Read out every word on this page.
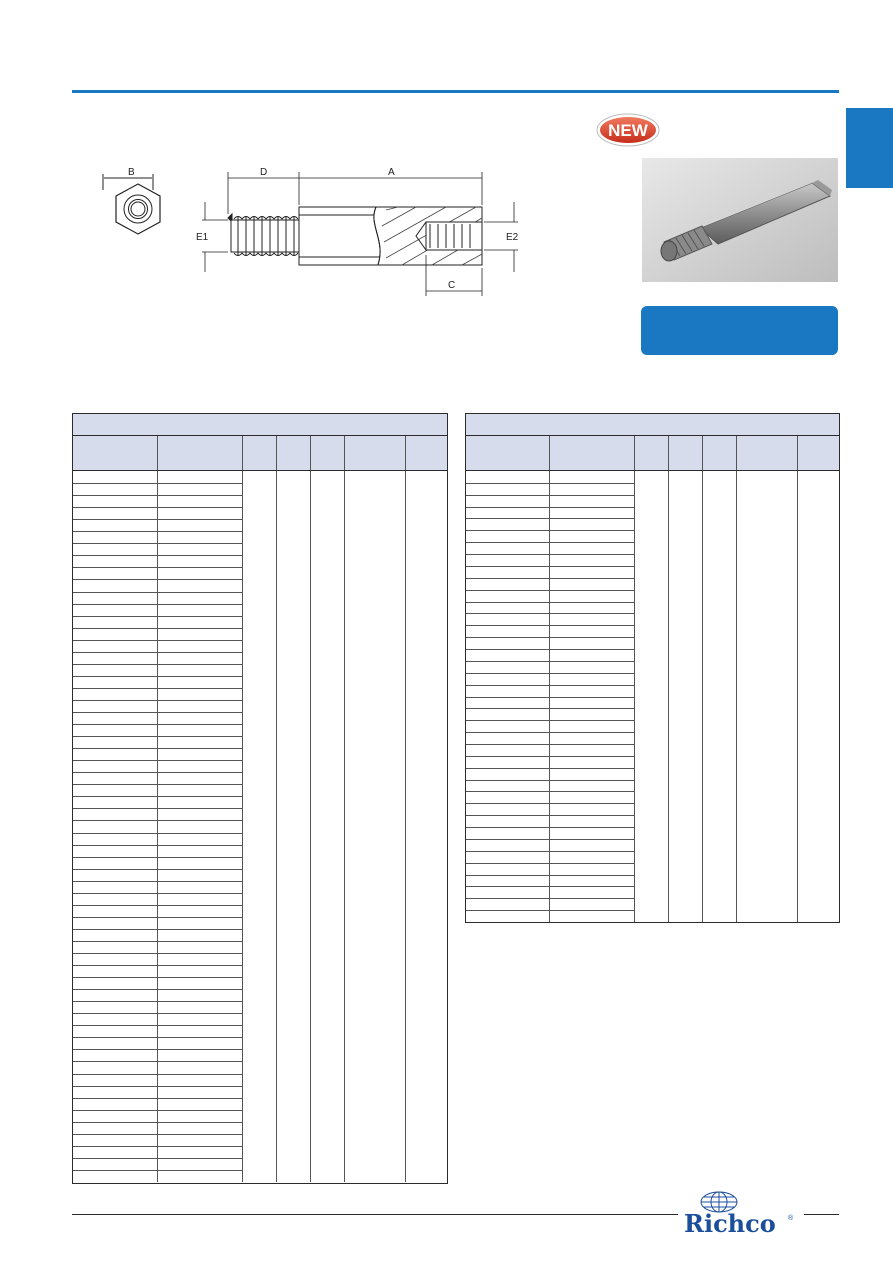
NEW
B	D	A
E1	E2
C
Richco ®
